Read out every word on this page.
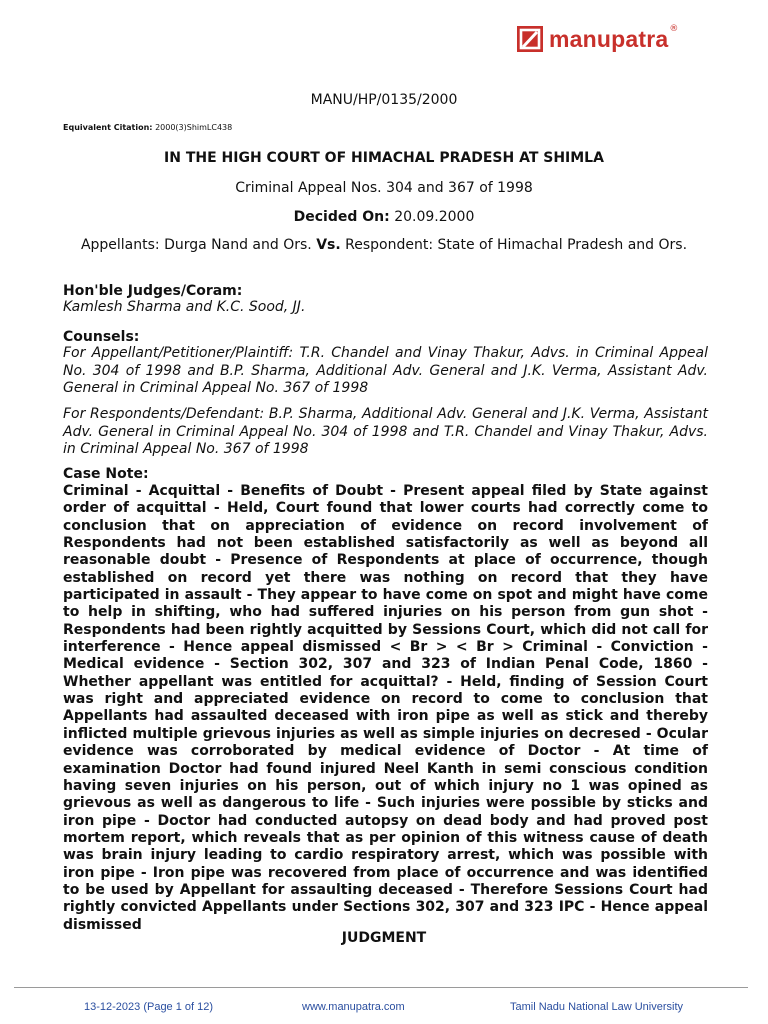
manupatra ®
MANU/HP/0135/2000
Equivalent Citation: 2000(3)ShimLC438
IN THE HIGH COURT OF HIMACHAL PRADESH AT SHIMLA
Criminal Appeal Nos. 304 and 367 of 1998
Decided On: 20.09.2000
Appellants: Durga Nand and Ors. Vs. Respondent: State of Himachal Pradesh and Ors.
Hon'ble Judges/Coram:
Kamlesh Sharma and K.C. Sood, JJ.
Counsels:
For Appellant/Petitioner/Plaintiff: T.R. Chandel and Vinay Thakur, Advs. in Criminal Appeal No. 304 of 1998 and B.P. Sharma, Additional Adv. General and J.K. Verma, Assistant Adv. General in Criminal Appeal No. 367 of 1998
For Respondents/Defendant: B.P. Sharma, Additional Adv. General and J.K. Verma, Assistant Adv. General in Criminal Appeal No. 304 of 1998 and T.R. Chandel and Vinay Thakur, Advs. in Criminal Appeal No. 367 of 1998
Case Note:
Criminal - Acquittal - Benefits of Doubt - Present appeal filed by State against order of acquittal - Held, Court found that lower courts had correctly come to conclusion that on appreciation of evidence on record involvement of Respondents had not been established satisfactorily as well as beyond all reasonable doubt - Presence of Respondents at place of occurrence, though established on record yet there was nothing on record that they have participated in assault - They appear to have come on spot and might have come to help in shifting, who had suffered injuries on his person from gun shot - Respondents had been rightly acquitted by Sessions Court, which did not call for interference - Hence appeal dismissed < Br > < Br > Criminal - Conviction - Medical evidence - Section 302, 307 and 323 of Indian Penal Code, 1860 - Whether appellant was entitled for acquittal? - Held, finding of Session Court was right and appreciated evidence on record to come to conclusion that Appellants had assaulted deceased with iron pipe as well as stick and thereby inflicted multiple grievous injuries as well as simple injuries on decresed - Ocular evidence was corroborated by medical evidence of Doctor - At time of examination Doctor had found injured Neel Kanth in semi conscious condition having seven injuries on his person, out of which injury no 1 was opined as grievous as well as dangerous to life - Such injuries were possible by sticks and iron pipe - Doctor had conducted autopsy on dead body and had proved post mortem report, which reveals that as per opinion of this witness cause of death was brain injury leading to cardio respiratory arrest, which was possible with iron pipe - Iron pipe was recovered from place of occurrence and was identified to be used by Appellant for assaulting deceased - Therefore Sessions Court had rightly convicted Appellants under Sections 302, 307 and 323 IPC - Hence appeal dismissed
JUDGMENT
13-12-2023 (Page 1 of 12)	www.manupatra.com	Tamil Nadu National Law University
